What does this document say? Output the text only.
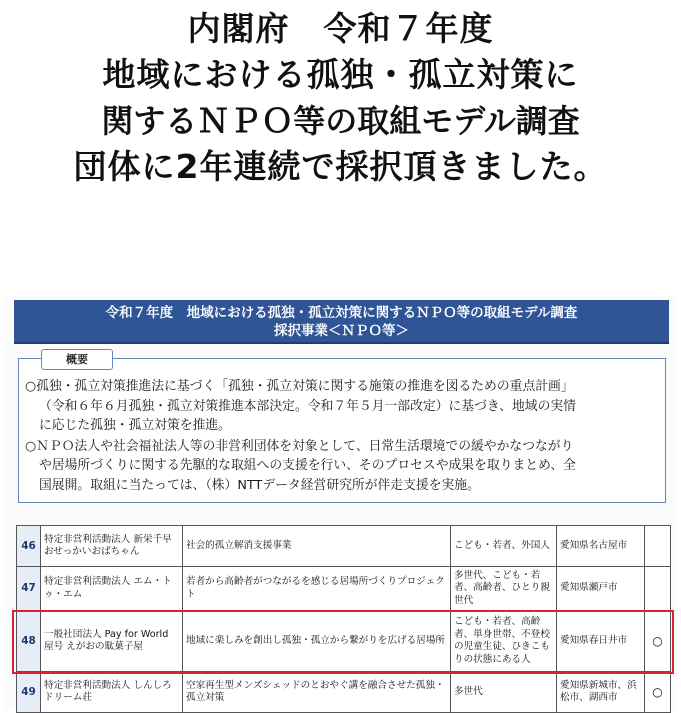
内閣府　令和７年度
地域における孤独・孤立対策に
関するＮＰＯ等の取組モデル調査
団体に2年連続で採択頂きました。
令和７年度　地域における孤独・孤立対策に関するＮＰＯ等の取組モデル調査
採択事業＜ＮＰＯ等＞
概要

○孤独・孤立対策推進法に基づく「孤独・孤立対策に関する施策の推進を図るための重点計画」

（令和６年６月孤独・孤立対策推進本部決定。令和７年５月一部改定）に基づき、地域の実情
に応じた孤独・孤立対策を推進。

○ＮＰＯ法人や社会福祉法人等の非営利団体を対象として、日常生活環境での緩やかなつながり

や居場所づくりに関する先駆的な取組への支援を行い、そのプロセスや成果を取りまとめ、全
国展開。取組に当たっては、（株）NTTデータ経営研究所が伴走支援を実施。

46	特定非営利活動法人 新栄千早おせっかいおばちゃん	社会的孤立解消支援事業	こども・若者、外国人	愛知県名古屋市	
47	特定非営利活動法人 エム・トゥ・エム	若者から高齢者がつながるを感じる居場所づくりプロジェクト	多世代、こども・若者、高齢者、ひとり親世代	愛知県瀬戸市	
48	一般社団法人 Pay for World 屋号 えがおの駄菓子屋	地域に楽しみを創出し孤独・孤立から繋がりを広げる居場所	こども・若者、高齢者、単身世帯、不登校の児童生徒、ひきこもりの状態にある人	愛知県春日井市	○
49	特定非営利活動法人 しんしろドリーム荘	空家再生型メンズシェッドのとおやぐ講を融合させた孤独・孤立対策	多世代	愛知県新城市、浜松市、湖西市	○
